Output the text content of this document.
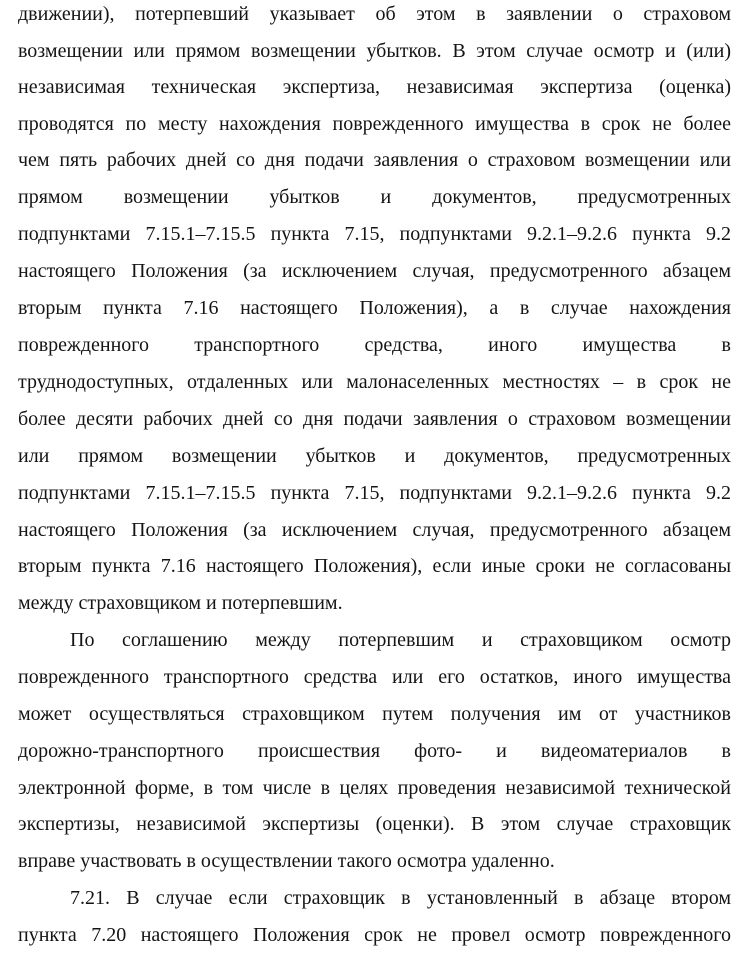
движении), потерпевший указывает об этом в заявлении о страховом
возмещении или прямом возмещении убытков. В этом случае осмотр и (или)
независимая техническая экспертиза, независимая экспертиза (оценка)
проводятся по месту нахождения поврежденного имущества в срок не более
чем пять рабочих дней со дня подачи заявления о страховом возмещении или
прямом возмещении убытков и документов, предусмотренных
подпунктами 7.15.1–7.15.5 пункта 7.15, подпунктами 9.2.1–9.2.6 пункта 9.2
настоящего Положения (за исключением случая, предусмотренного абзацем
вторым пункта 7.16 настоящего Положения), а в случае нахождения
поврежденного транспортного средства, иного имущества в
труднодоступных, отдаленных или малонаселенных местностях – в срок не
более десяти рабочих дней со дня подачи заявления о страховом возмещении
или прямом возмещении убытков и документов, предусмотренных
подпунктами 7.15.1–7.15.5 пункта 7.15, подпунктами 9.2.1–9.2.6 пункта 9.2
настоящего Положения (за исключением случая, предусмотренного абзацем
вторым пункта 7.16 настоящего Положения), если иные сроки не согласованы
между страховщиком и потерпевшим.
По соглашению между потерпевшим и страховщиком осмотр
поврежденного транспортного средства или его остатков, иного имущества
может осуществляться страховщиком путем получения им от участников
дорожно-транспортного происшествия фото- и видеоматериалов в
электронной форме, в том числе в целях проведения независимой технической
экспертизы, независимой экспертизы (оценки). В этом случае страховщик
вправе участвовать в осуществлении такого осмотра удаленно.
7.21. В случае если страховщик в установленный в абзаце втором
пункта 7.20 настоящего Положения срок не провел осмотр поврежденного
